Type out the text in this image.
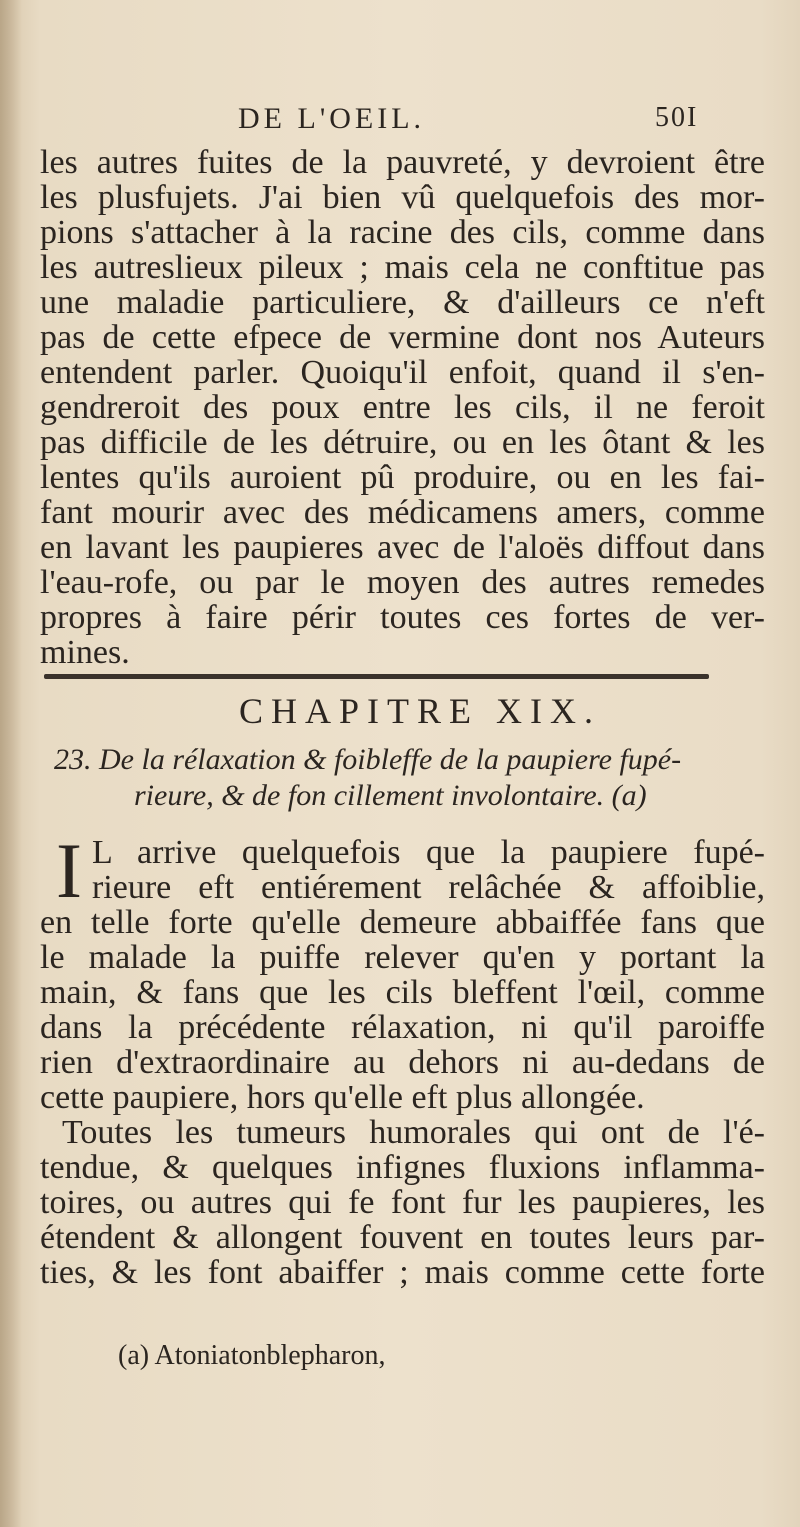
DE L'OEIL.	50I
les autres fuites de la pauvreté, y devroient être
les plusfujets. J'ai bien vû quelquefois des mor-
pions s'attacher à la racine des cils, comme dans
les autreslieux pileux ; mais cela ne conftitue pas
une maladie particuliere, & d'ailleurs ce n'eft
pas de cette efpece de vermine dont nos Auteurs
entendent parler. Quoiqu'il enfoit, quand il s'en-
gendreroit des poux entre les cils, il ne feroit
pas difficile de les détruire, ou en les ôtant & les
lentes qu'ils auroient pû produire, ou en les fai-
fant mourir avec des médicamens amers, comme
en lavant les paupieres avec de l'aloës diffout dans
l'eau-rofe, ou par le moyen des autres remedes
propres à faire périr toutes ces fortes de ver-
mines.
CHAPITRE XIX.
23. De la rélaxation & foibleffe de la paupiere fupé-
rieure, & de fon cillement involontaire. (a)
I L arrive quelquefois que la paupiere fupé-
rieure eft entiérement relâchée & affoiblie,
en telle forte qu'elle demeure abbaiffée fans que
le malade la puiffe relever qu'en y portant la
main, & fans que les cils bleffent l'œil, comme
dans la précédente rélaxation, ni qu'il paroiffe
rien d'extraordinaire au dehors ni au-dedans de
cette paupiere, hors qu'elle eft plus allongée.
Toutes les tumeurs humorales qui ont de l'é-
tendue, & quelques infignes fluxions inflamma-
toires, ou autres qui fe font fur les paupieres, les
étendent & allongent fouvent en toutes leurs par-
ties, & les font abaiffer ; mais comme cette forte
(a) Atoniatonblepharon,
